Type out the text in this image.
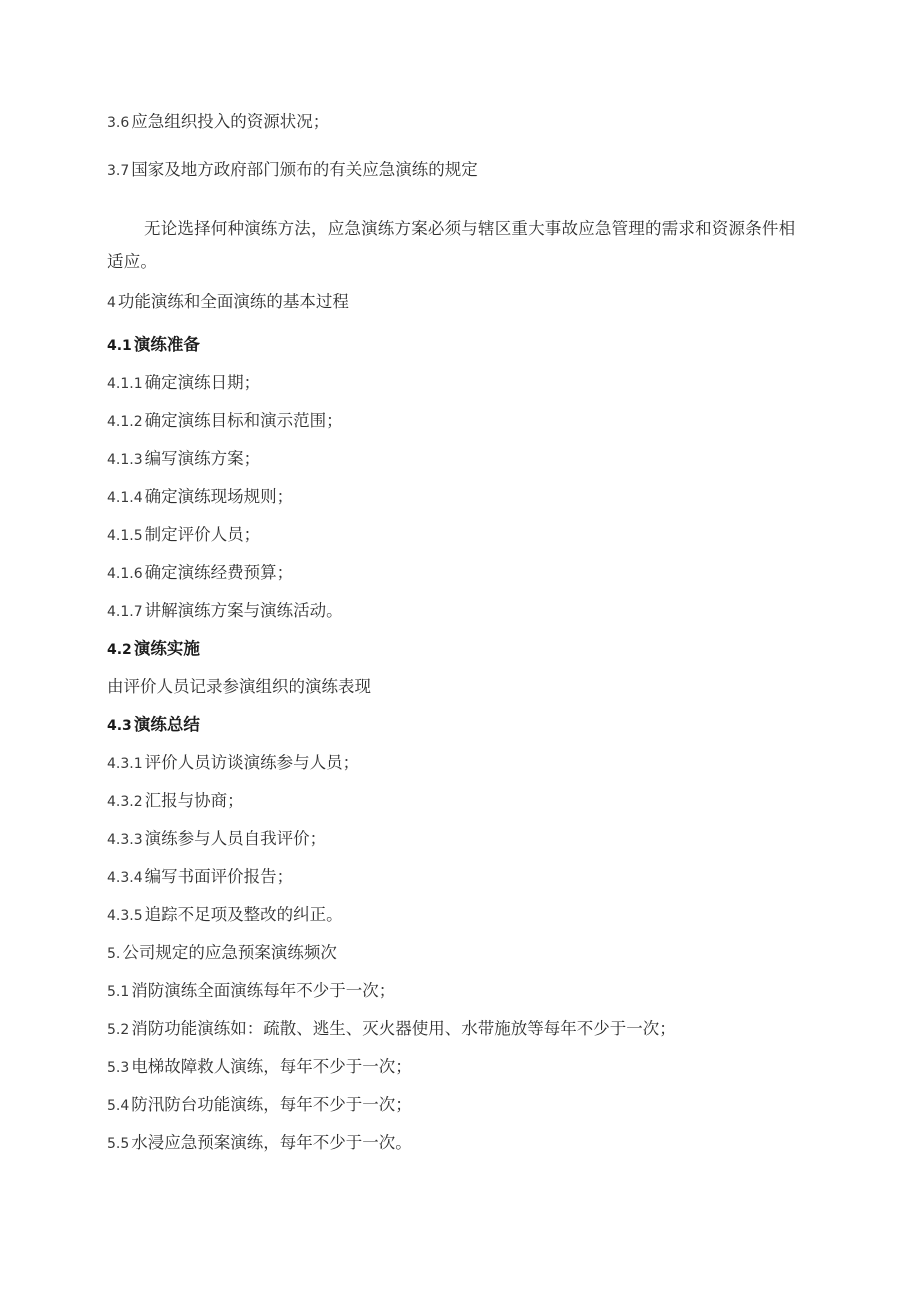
3.6 应急组织投入的资源状况；
3.7 国家及地方政府部门颁布的有关应急演练的规定
无论选择何种演练方法，应急演练方案必须与辖区重大事故应急管理的需求和资源条件相适应。
4 功能演练和全面演练的基本过程
4.1 演练准备
4.1.1 确定演练日期；
4.1.2 确定演练目标和演示范围；
4.1.3 编写演练方案；
4.1.4 确定演练现场规则；
4.1.5 制定评价人员；
4.1.6 确定演练经费预算；
4.1.7 讲解演练方案与演练活动。
4.2 演练实施
由评价人员记录参演组织的演练表现
4.3 演练总结
4.3.1 评价人员访谈演练参与人员；
4.3.2 汇报与协商；
4.3.3 演练参与人员自我评价；
4.3.4 编写书面评价报告；
4.3.5 追踪不足项及整改的纠正。
5. 公司规定的应急预案演练频次
5.1 消防演练全面演练每年不少于一次；
5.2 消防功能演练如：疏散、逃生、灭火器使用、水带施放等每年不少于一次；
5.3 电梯故障救人演练，每年不少于一次；
5.4 防汛防台功能演练，每年不少于一次；
5.5 水浸应急预案演练，每年不少于一次。
